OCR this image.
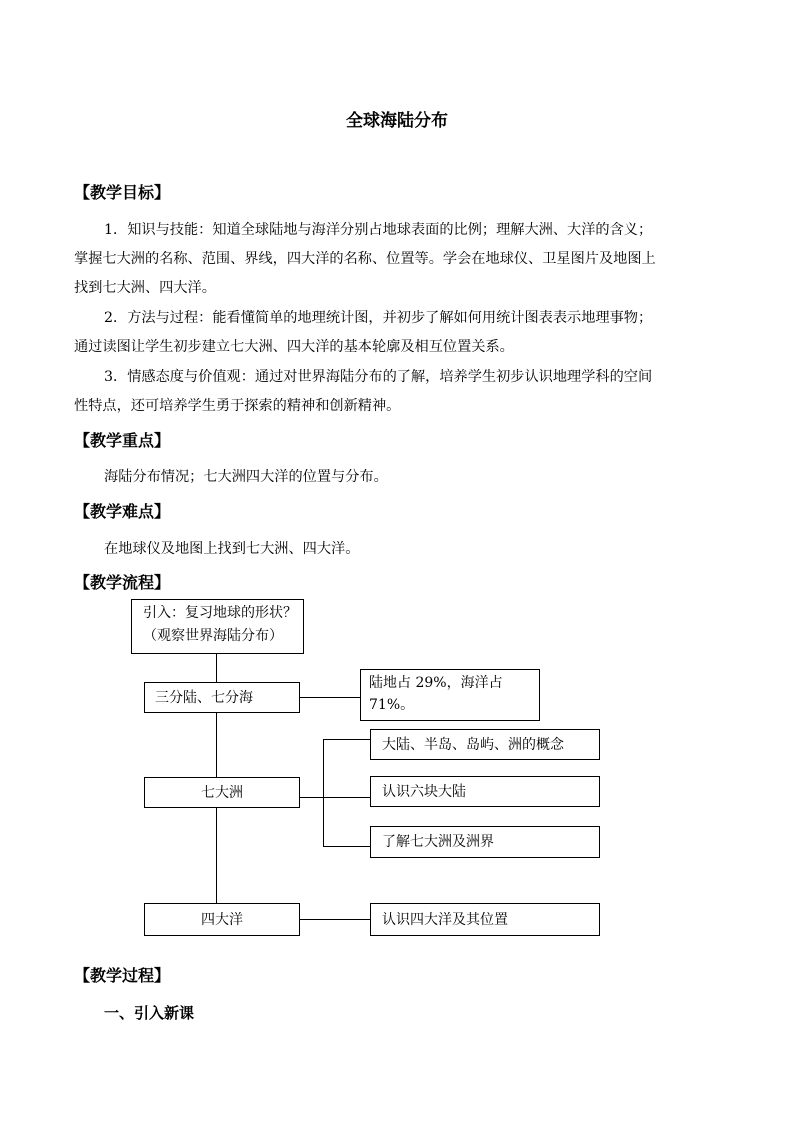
全球海陆分布
【教学目标】
1．知识与技能：知道全球陆地与海洋分别占地球表面的比例；理解大洲、大洋的含义；
掌握七大洲的名称、范围、界线，四大洋的名称、位置等。学会在地球仪、卫星图片及地图上
找到七大洲、四大洋。
2．方法与过程：能看懂简单的地理统计图，并初步了解如何用统计图表表示地理事物；
通过读图让学生初步建立七大洲、四大洋的基本轮廓及相互位置关系。
3．情感态度与价值观：通过对世界海陆分布的了解，培养学生初步认识地理学科的空间
性特点，还可培养学生勇于探索的精神和创新精神。
【教学重点】
海陆分布情况；七大洲四大洋的位置与分布。
【教学难点】
在地球仪及地图上找到七大洲、四大洋。
【教学流程】
引入：复习地球的形状？
（观察世界海陆分布）
三分陆、七分海
陆地占 29%，海洋占
71%。
七大洲
大陆、半岛、岛屿、洲的概念
认识六块大陆
了解七大洲及洲界
四大洋	认识四大洋及其位置
【教学过程】
一、引入新课
